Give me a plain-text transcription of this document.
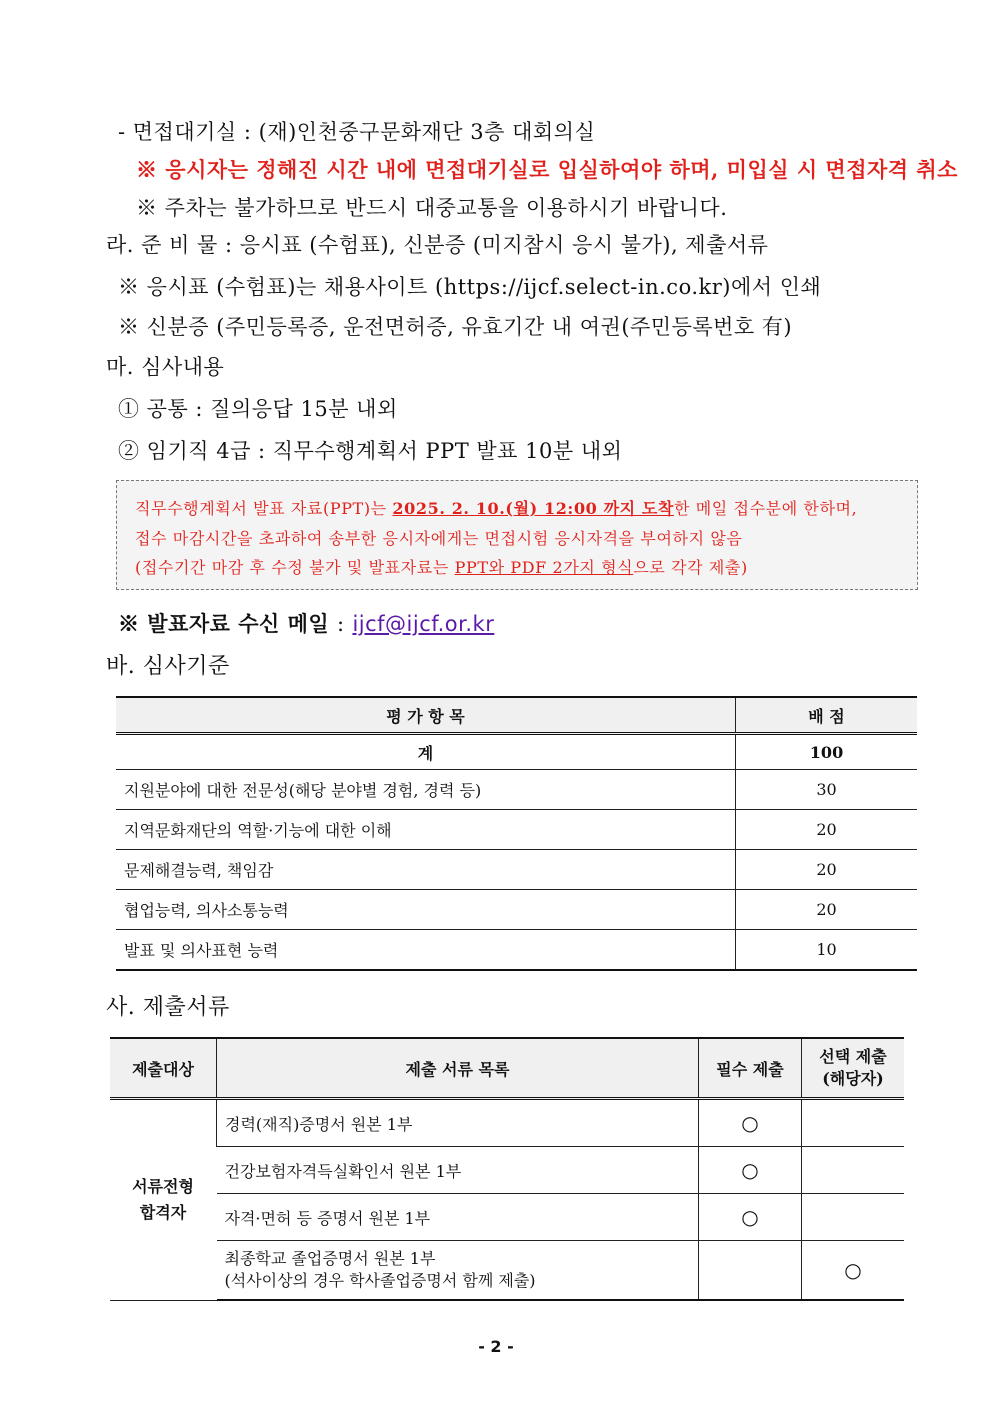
- 면접대기실 : (재)인천중구문화재단 3층 대회의실
※ 응시자는 정해진 시간 내에 면접대기실로 입실하여야 하며, 미입실 시 면접자격 취소
※ 주차는 불가하므로 반드시 대중교통을 이용하시기 바랍니다.
라. 준 비 물 : 응시표 (수험표), 신분증 (미지참시 응시 불가), 제출서류
※ 응시표 (수험표)는 채용사이트 (https://ijcf.select-in.co.kr)에서 인쇄
※ 신분증 (주민등록증, 운전면허증, 유효기간 내 여권(주민등록번호 有)
마. 심사내용
① 공통 : 질의응답 15분 내외
② 임기직 4급 : 직무수행계획서 PPT 발표 10분 내외
직무수행계획서 발표 자료(PPT)는 2025. 2. 10.(월) 12:00 까지 도착한 메일 접수분에 한하며,
접수 마감시간을 초과하여 송부한 응시자에게는 면접시험 응시자격을 부여하지 않음
(접수기간 마감 후 수정 불가 및 발표자료는 PPT와 PDF 2가지 형식으로 각각 제출)
※ 발표자료 수신 메일 : ijcf@ijcf.or.kr
바. 심사기준
평 가 항 목	배 점
계	100
지원분야에 대한 전문성(해당 분야별 경험, 경력 등)	30
지역문화재단의 역할·기능에 대한 이해	20
문제해결능력, 책임감	20
협업능력, 의사소통능력	20
발표 및 의사표현 능력	10
사. 제출서류
제출대상	제출 서류 목록	필수 제출	선택 제출
(해당자)

서류전형
합격자	경력(재직)증명서 원본 1부	○	
	건강보험자격득실확인서 원본 1부	○	
	자격·면허 등 증명서 원본 1부	○	

	최종학교 졸업증명서 원본 1부
(석사이상의 경우 학사졸업증명서 함께 제출)		○
- 2 -
